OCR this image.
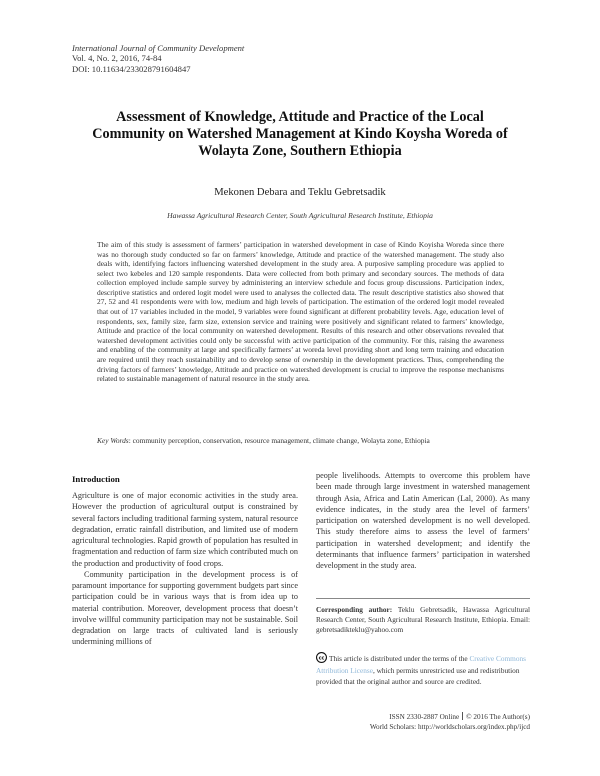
International Journal of Community Development
Vol. 4, No. 2, 2016, 74-84
DOI: 10.11634/233028791604847
Assessment of Knowledge, Attitude and Practice of the Local Community on Watershed Management at Kindo Koysha Woreda of Wolayta Zone, Southern Ethiopia
Mekonen Debara and Teklu Gebretsadik
Hawassa Agricultural Research Center, South Agricultural Research Institute, Ethiopia
The aim of this study is assessment of farmers’ participation in watershed development in case of Kindo Koyisha Woreda since there was no thorough study conducted so far on farmers’ knowledge, Attitude and practice of the watershed management. The study also deals with, identifying factors influencing watershed development in the study area. A purposive sampling procedure was applied to select two kebeles and 120 sample respondents. Data were collected from both primary and secondary sources. The methods of data collection employed include sample survey by administering an interview schedule and focus group discussions. Participation index, descriptive statistics and ordered logit model were used to analyses the collected data. The result descriptive statistics also showed that 27, 52 and 41 respondents were with low, medium and high levels of participation. The estimation of the ordered logit model revealed that out of 17 variables included in the model, 9 variables were found significant at different probability levels. Age, education level of respondents, sex, family size, farm size, extension service and training were positively and significant related to farmers’ knowledge, Attitude and practice of the local community on watershed development. Results of this research and other observations revealed that watershed development activities could only be successful with active participation of the community. For this, raising the awareness and enabling of the community at large and specifically farmers’ at woreda level providing short and long term training and education are required until they reach sustainability and to develop sense of ownership in the development practices. Thus, comprehending the driving factors of farmers’ knowledge, Attitude and practice on watershed development is crucial to improve the response mechanisms related to sustainable management of natural resource in the study area.
Key Words: community perception, conservation, resource management, climate change, Wolayta zone, Ethiopia
Introduction

Agriculture is one of major economic activities in the study area. However the production of agricultural output is constrained by several factors including traditional farming system, natural resource degradation, erratic rainfall distribution, and limited use of modern agricultural technologies. Rapid growth of population has resulted in fragmentation and reduction of farm size which contributed much on the production and productivity of food crops.

Community participation in the development process is of paramount importance for supporting government budgets part since participation could be in various ways that is from idea up to material contribution. Moreover, development process that doesn’t involve willful community participation may not be sustainable. Soil degradation on large tracts of cultivated land is seriously undermining millions of

people livelihoods. Attempts to overcome this problem have been made through large investment in watershed management through Asia, Africa and Latin American (Lal, 2000). As many evidence indicates, in the study area the level of farmers’ participation on watershed development is no well developed. This study therefore aims to assess the level of farmers’ participation in watershed development; and identify the determinants that influence farmers’ participation in watershed development in the study area.

Corresponding author: Teklu Gebretsadik, Hawassa Agricultural Research Center, South Agricultural Research Institute, Ethiopia. Email: gebretsadikteklu@yahoo.com
cc This article is distributed under the terms of the Creative Commons Attribution License, which permits unrestricted use and redistribution provided that the original author and source are credited.
ISSN 2330-2887 Online © 2016 The Author(s)
World Scholars: http://worldscholars.org/index.php/ijcd
